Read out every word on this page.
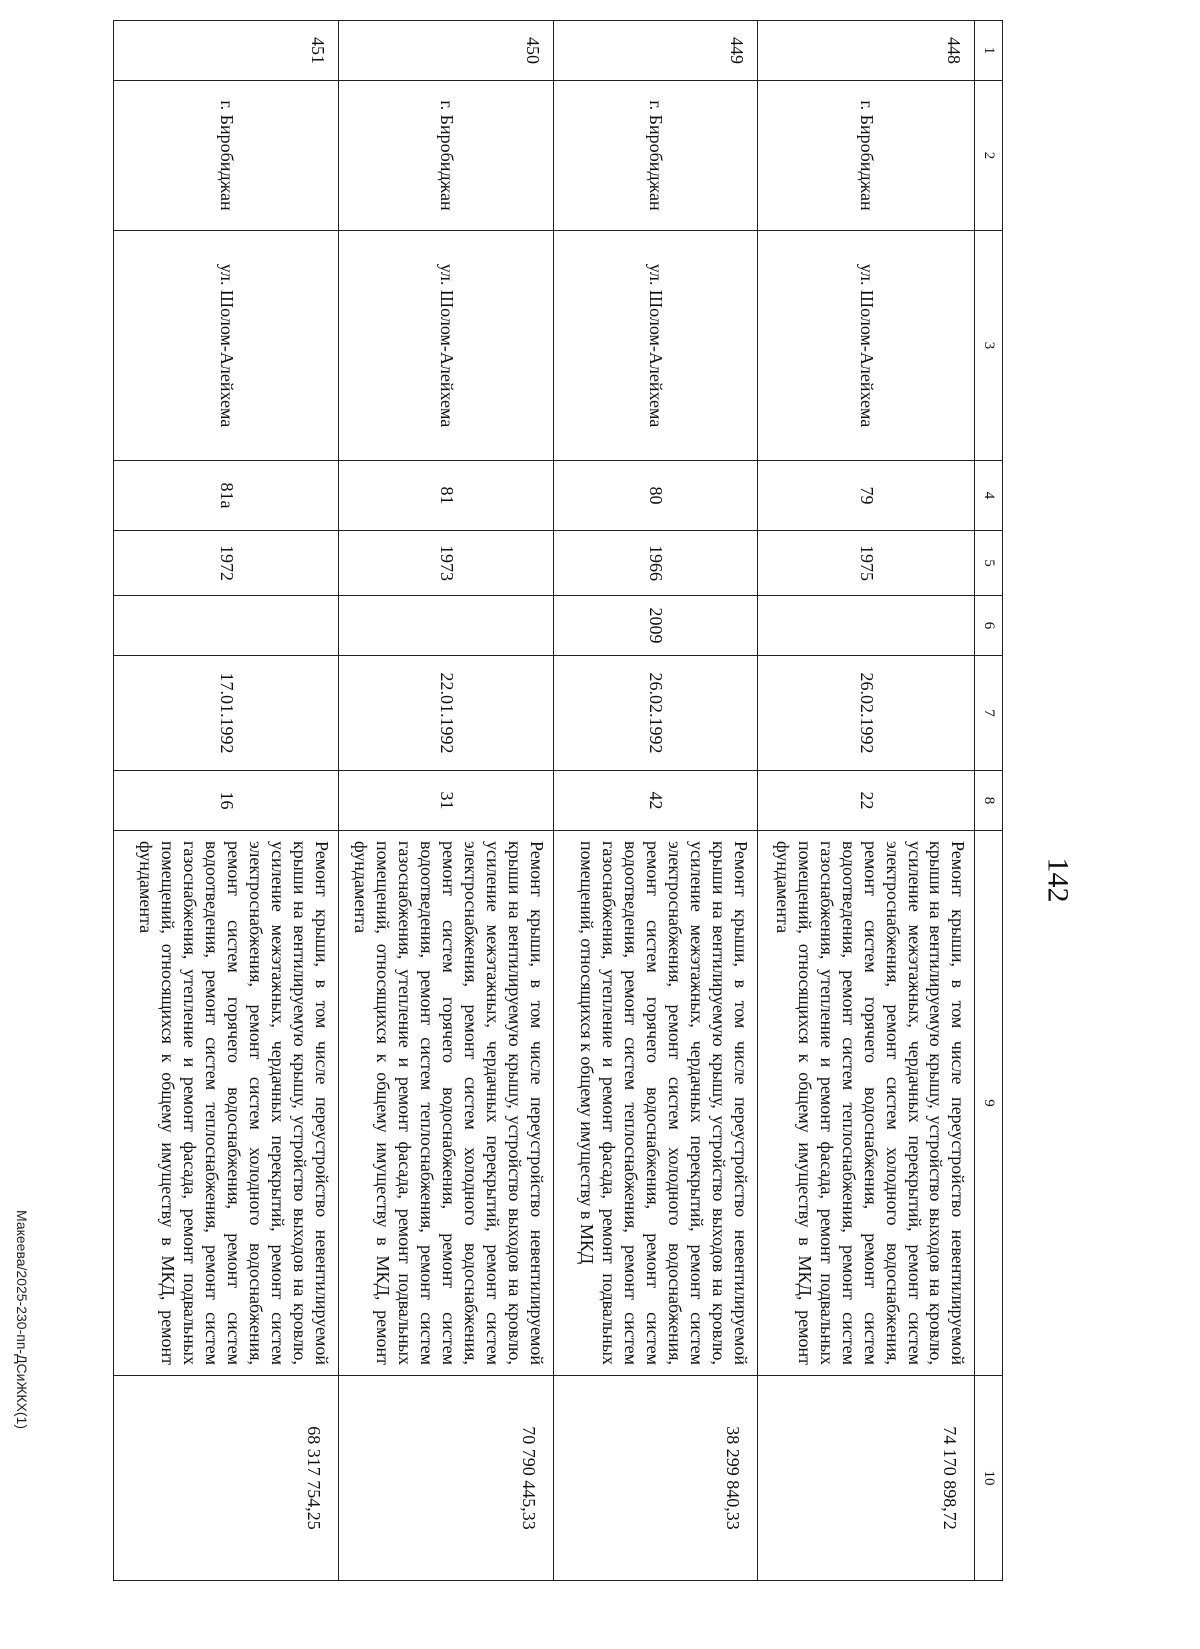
142
1	2	3	4	5	6	7	8	9	10
448	г. Биробиджан	ул. Шолом-Алейхема	79	1975		26.02.1992	22	Ремонт крыши, в том числе переустройство невентилируемой крыши на вентилируемую крышу, устройство выходов на кровлю, усиление межэтажных, чердачных перекрытий, ремонт систем электроснабжения, ремонт систем холодного водоснабжения, ремонт систем горячего водоснабжения, ремонт систем водоотведения, ремонт систем теплоснабжения, ремонт систем газоснабжения, утепление и ремонт фасада, ремонт подвальных помещений, относящихся к общему имуществу в МКД, ремонт фундамента	74 170 898,72
449	г. Биробиджан	ул. Шолом-Алейхема	80	1966	2009	26.02.1992	42	Ремонт крыши, в том числе переустройство невентилируемой крыши на вентилируемую крышу, устройство выходов на кровлю, усиление межэтажных, чердачных перекрытий, ремонт систем электроснабжения, ремонт систем холодного водоснабжения, ремонт систем горячего водоснабжения, ремонт систем водоотведения, ремонт систем теплоснабжения, ремонт систем газоснабжения, утепление и ремонт фасада, ремонт подвальных помещений, относящихся к общему имуществу в МКД	38 299 840,33
450	г. Биробиджан	ул. Шолом-Алейхема	81	1973		22.01.1992	31	Ремонт крыши, в том числе переустройство невентилируемой крыши на вентилируемую крышу, устройство выходов на кровлю, усиление межэтажных, чердачных перекрытий, ремонт систем электроснабжения, ремонт систем холодного водоснабжения, ремонт систем горячего водоснабжения, ремонт систем водоотведения, ремонт систем теплоснабжения, ремонт систем газоснабжения, утепление и ремонт фасада, ремонт подвальных помещений, относящихся к общему имуществу в МКД, ремонт фундамента	70 790 445,33
451	г. Биробиджан	ул. Шолом-Алейхема	81а	1972		17.01.1992	16	Ремонт крыши, в том числе переустройство невентилируемой крыши на вентилируемую крышу, устройство выходов на кровлю, усиление межэтажных, чердачных перекрытий, ремонт систем электроснабжения, ремонт систем холодного водоснабжения, ремонт систем горячего водоснабжения, ремонт систем водоотведения, ремонт систем теплоснабжения, ремонт систем газоснабжения, утепление и ремонт фасада, ремонт подвальных помещений, относящихся к общему имуществу в МКД, ремонт фундамента	68 317 754,25
Макеева/2025-230-пп-ДСиЖКХ(1)
